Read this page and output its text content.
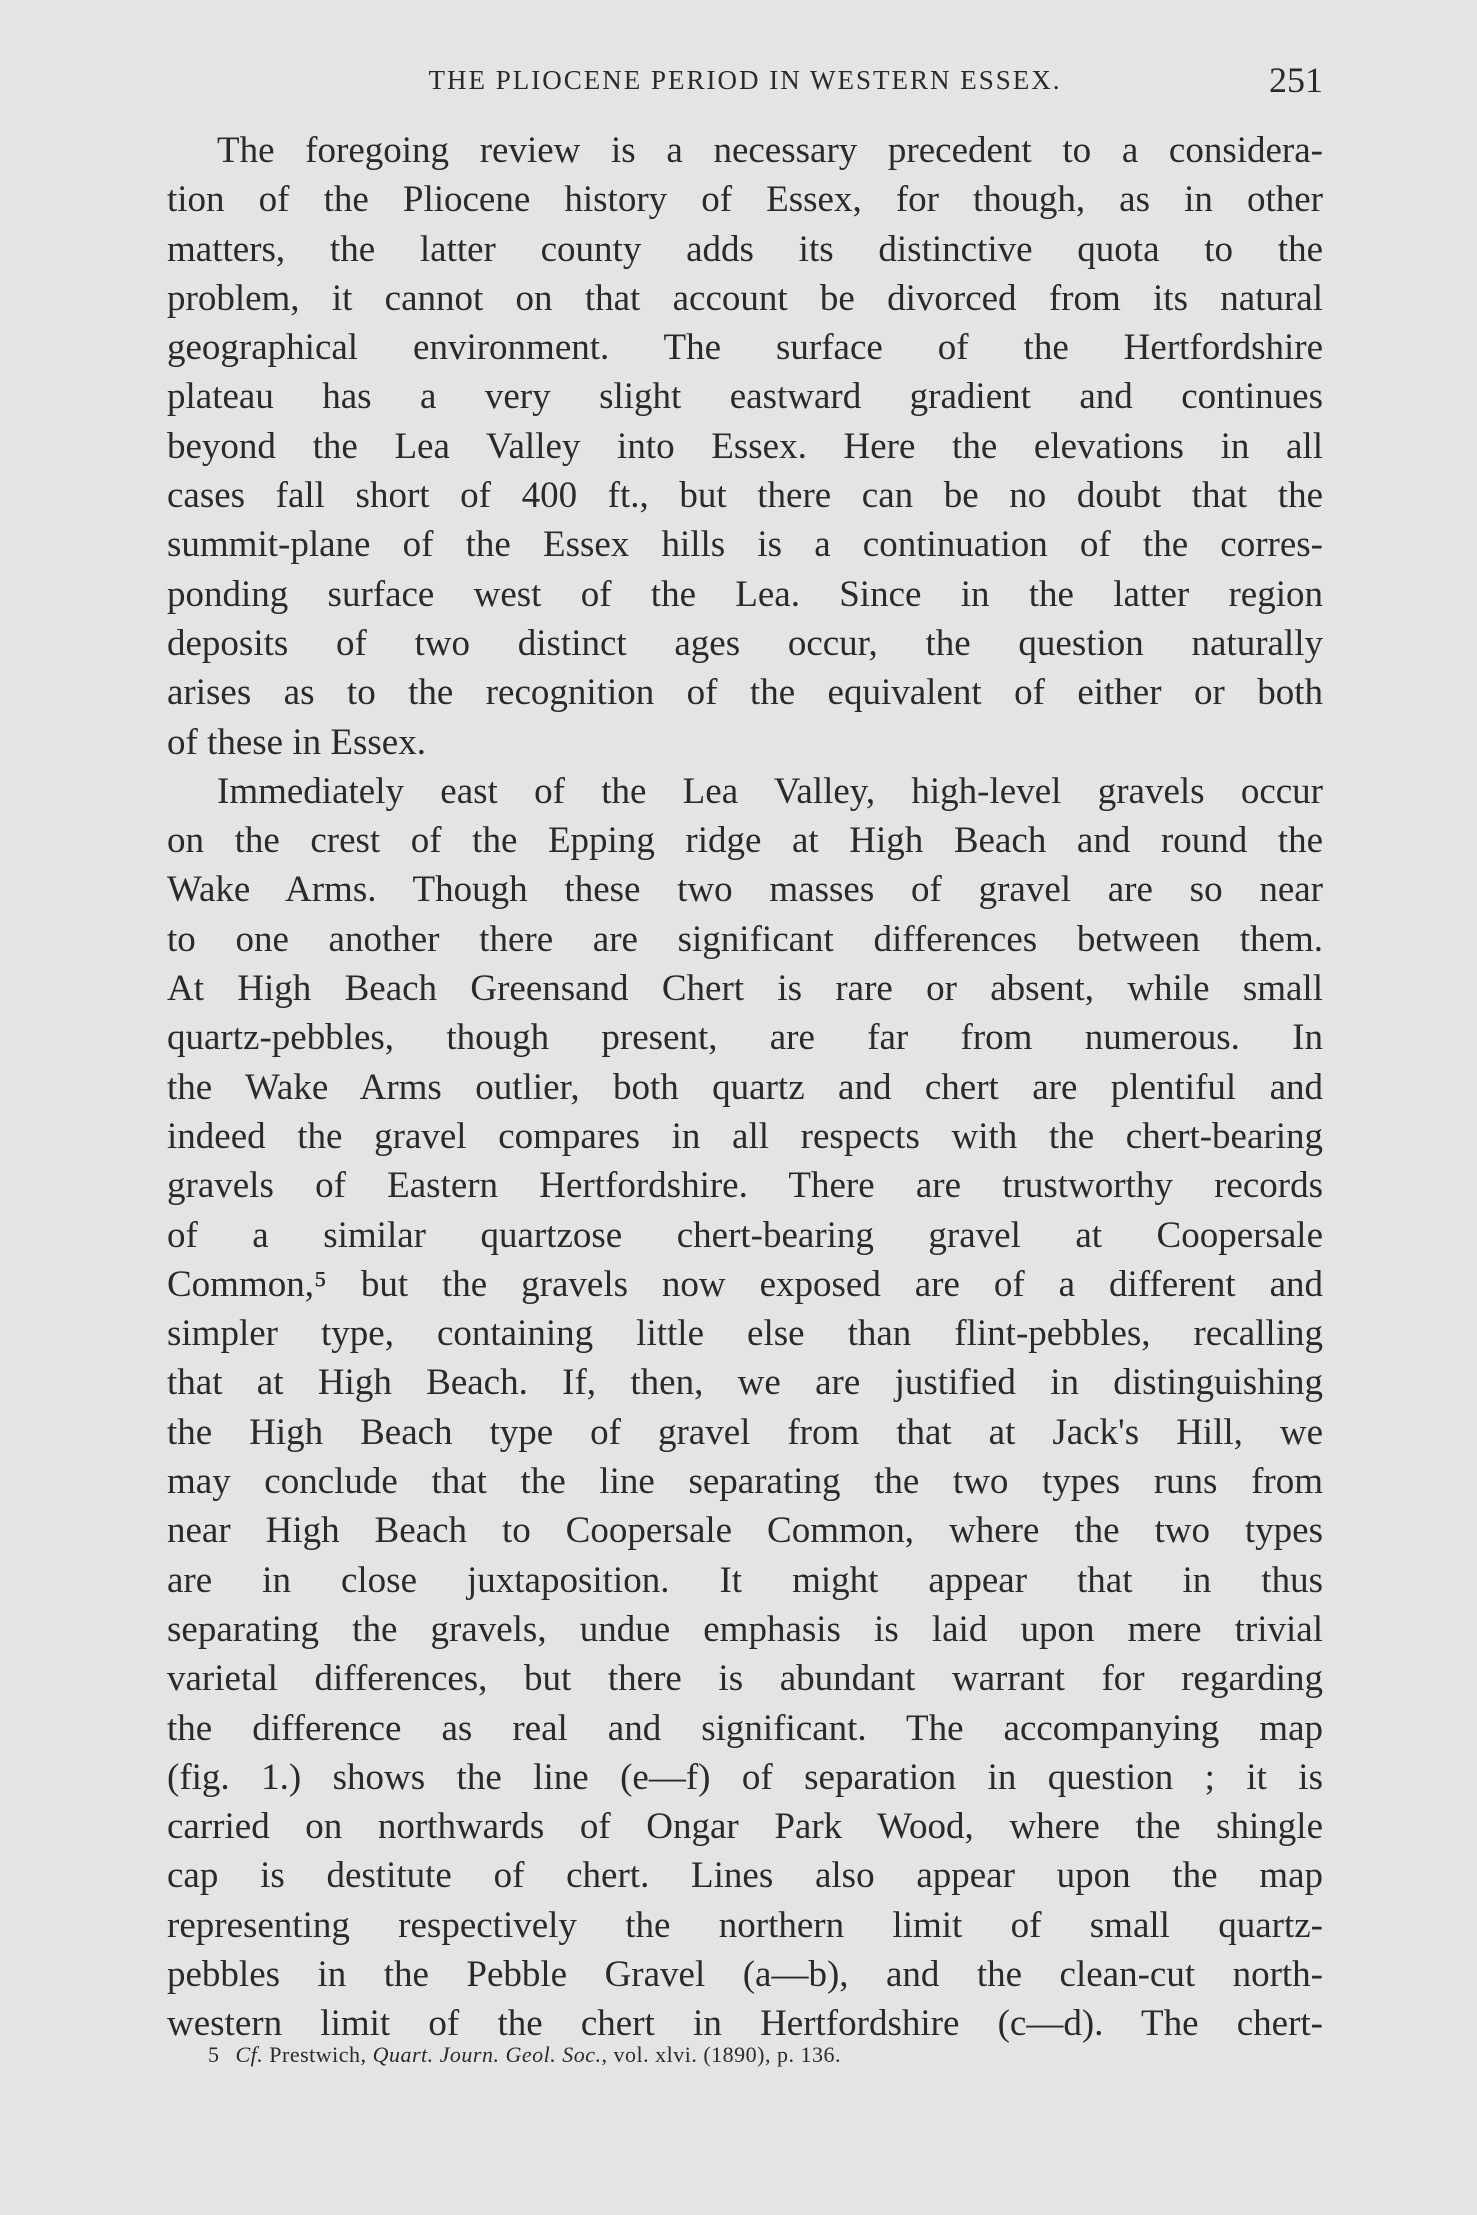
THE PLIOCENE PERIOD IN WESTERN ESSEX.	251

The foregoing review is a necessary precedent to a considera-
tion of the Pliocene history of Essex, for though, as in other
matters, the latter county adds its distinctive quota to the
problem, it cannot on that account be divorced from its natural
geographical environment. The surface of the Hertfordshire
plateau has a very slight eastward gradient and continues
beyond the Lea Valley into Essex. Here the elevations in all
cases fall short of 400 ft., but there can be no doubt that the
summit-plane of the Essex hills is a continuation of the corres-
ponding surface west of the Lea. Since in the latter region
deposits of two distinct ages occur, the question naturally
arises as to the recognition of the equivalent of either or both
of these in Essex.

Immediately east of the Lea Valley, high-level gravels occur
on the crest of the Epping ridge at High Beach and round the
Wake Arms. Though these two masses of gravel are so near
to one another there are significant differences between them.
At High Beach Greensand Chert is rare or absent, while small
quartz-pebbles, though present, are far from numerous. In
the Wake Arms outlier, both quartz and chert are plentiful and
indeed the gravel compares in all respects with the chert-bearing
gravels of Eastern Hertfordshire. There are trustworthy records
of a similar quartzose chert-bearing gravel at Coopersale
Common,⁵ but the gravels now exposed are of a different and
simpler type, containing little else than flint-pebbles, recalling
that at High Beach. If, then, we are justified in distinguishing
the High Beach type of gravel from that at Jack's Hill, we
may conclude that the line separating the two types runs from
near High Beach to Coopersale Common, where the two types
are in close juxtaposition. It might appear that in thus
separating the gravels, undue emphasis is laid upon mere trivial
varietal differences, but there is abundant warrant for regarding
the difference as real and significant. The accompanying map
(fig. 1.) shows the line (e—f) of separation in question ; it is
carried on northwards of Ongar Park Wood, where the shingle
cap is destitute of chert. Lines also appear upon the map
representing respectively the northern limit of small quartz-
pebbles in the Pebble Gravel (a—b), and the clean-cut north-
western limit of the chert in Hertfordshire (c—d). The chert-

5 Cf. Prestwich, Quart. Journ. Geol. Soc., vol. xlvi. (1890), p. 136.
